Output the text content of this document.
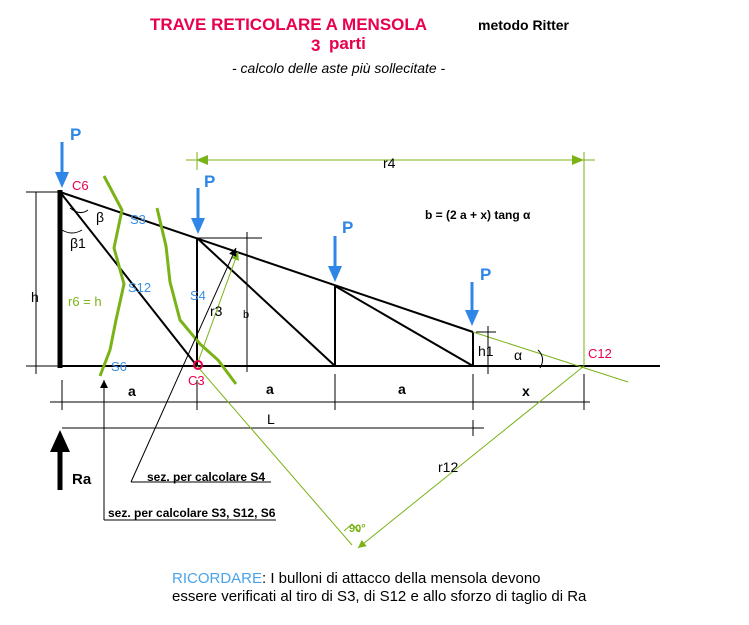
TRAVE RETICOLARE A MENSOLA	metodo Ritter
3 parti
- calcolo delle aste più sollecitate -
P
P
P
P
r4
r3 b
h r6 = h
h1 α
β
β1
a	a	a	x
L
r12
90°
C6
C3
C12
S3
S12
S4
S6
b = (2 a + x) tang α
Ra	sez. per calcolare S4
sez. per calcolare S3, S12, S6
RICORDARE: I bulloni di attacco della mensola devono
essere verificati al tiro di S3, di S12 e allo sforzo di taglio di Ra
